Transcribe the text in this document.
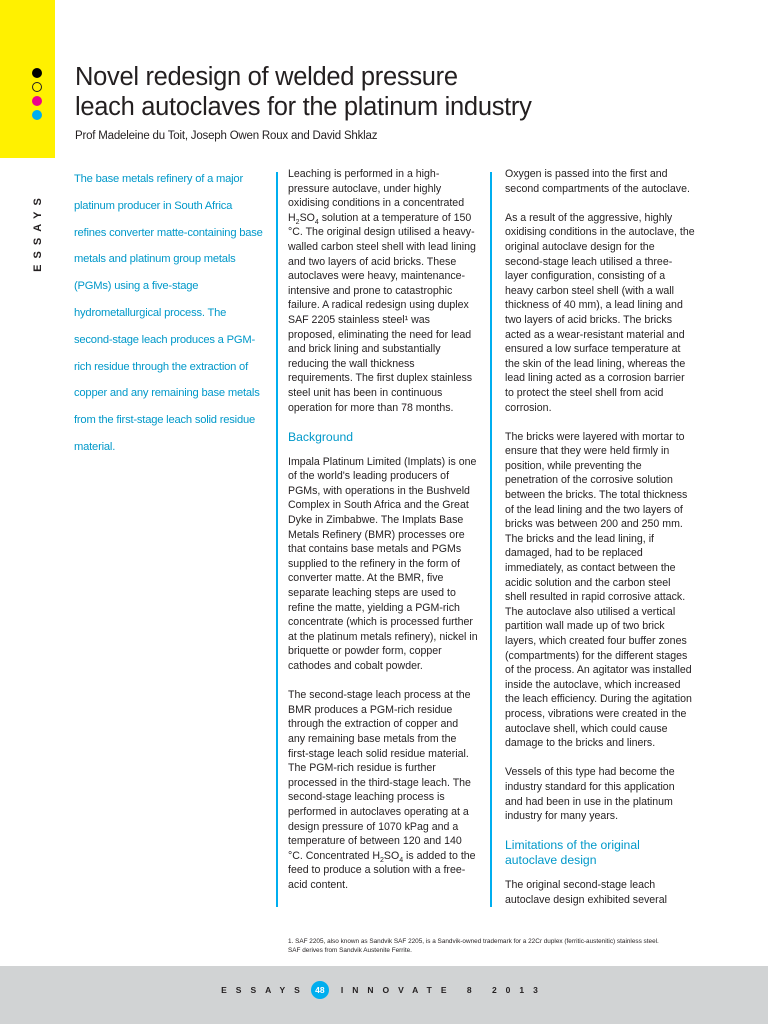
ESSAYS
Novel redesign of welded pressure
leach autoclaves for the platinum industry
Prof Madeleine du Toit, Joseph Owen Roux and David Shklaz
The base metals refinery of a major platinum producer in South Africa refines converter matte-containing base metals and platinum group metals (PGMs) using a five-stage hydrometallurgical process. The second-stage leach produces a PGM-rich residue through the extraction of copper and any remaining base metals from the first-stage leach solid residue material.

Leaching is performed in a high-pressure autoclave, under highly oxidising conditions in a concentrated $H_2SO_4$ solution at a temperature of 150 °C. The original design utilised a heavy-walled carbon steel shell with lead lining and two layers of acid bricks. These autoclaves were heavy, maintenance-intensive and prone to catastrophic failure. A radical redesign using duplex SAF 2205 stainless steel¹ was proposed, eliminating the need for lead and brick lining and substantially reducing the wall thickness requirements. The first duplex stainless steel unit has been in continuous operation for more than 78 months.

Background

Impala Platinum Limited (Implats) is one of the world's leading producers of PGMs, with operations in the Bushveld Complex in South Africa and the Great Dyke in Zimbabwe. The Implats Base Metals Refinery (BMR) processes ore that contains base metals and PGMs supplied to the refinery in the form of converter matte. At the BMR, five separate leaching steps are used to refine the matte, yielding a PGM-rich concentrate (which is processed further at the platinum metals refinery), nickel in briquette or powder form, copper cathodes and cobalt powder.

The second-stage leach process at the BMR produces a PGM-rich residue through the extraction of copper and any remaining base metals from the first-stage leach solid residue material. The PGM-rich residue is further processed in the third-stage leach. The second-stage leaching process is performed in autoclaves operating at a design pressure of 1070 kPag and a temperature of between 120 and 140 °C. Concentrated $H_2SO_4$ is added to the feed to produce a solution with a free-acid content.

Oxygen is passed into the first and second compartments of the autoclave.

As a result of the aggressive, highly oxidising conditions in the autoclave, the original autoclave design for the second-stage leach utilised a three-layer configuration, consisting of a heavy carbon steel shell (with a wall thickness of 40 mm), a lead lining and two layers of acid bricks. The bricks acted as a wear-resistant material and ensured a low surface temperature at the skin of the lead lining, whereas the lead lining acted as a corrosion barrier to protect the steel shell from acid corrosion.

The bricks were layered with mortar to ensure that they were held firmly in position, while preventing the penetration of the corrosive solution between the bricks. The total thickness of the lead lining and the two layers of bricks was between 200 and 250 mm. The bricks and the lead lining, if damaged, had to be replaced immediately, as contact between the acidic solution and the carbon steel shell resulted in rapid corrosive attack. The autoclave also utilised a vertical partition wall made up of two brick layers, which created four buffer zones (compartments) for the different stages of the process. An agitator was installed inside the autoclave, which increased the leach efficiency. During the agitation process, vibrations were created in the autoclave shell, which could cause damage to the bricks and liners.

Vessels of this type had become the industry standard for this application and had been in use in the platinum industry for many years.

Limitations of the original autoclave design

The original second-stage leach autoclave design exhibited several

1. SAF 2205, also known as Sandvik SAF 2205, is a Sandvik-owned trademark for a 22Cr duplex (ferritic-austenitic) stainless steel.
SAF derives from Sandvik Austenite Ferrite.
ESSAYS 48	INNOVATE 8 2013
